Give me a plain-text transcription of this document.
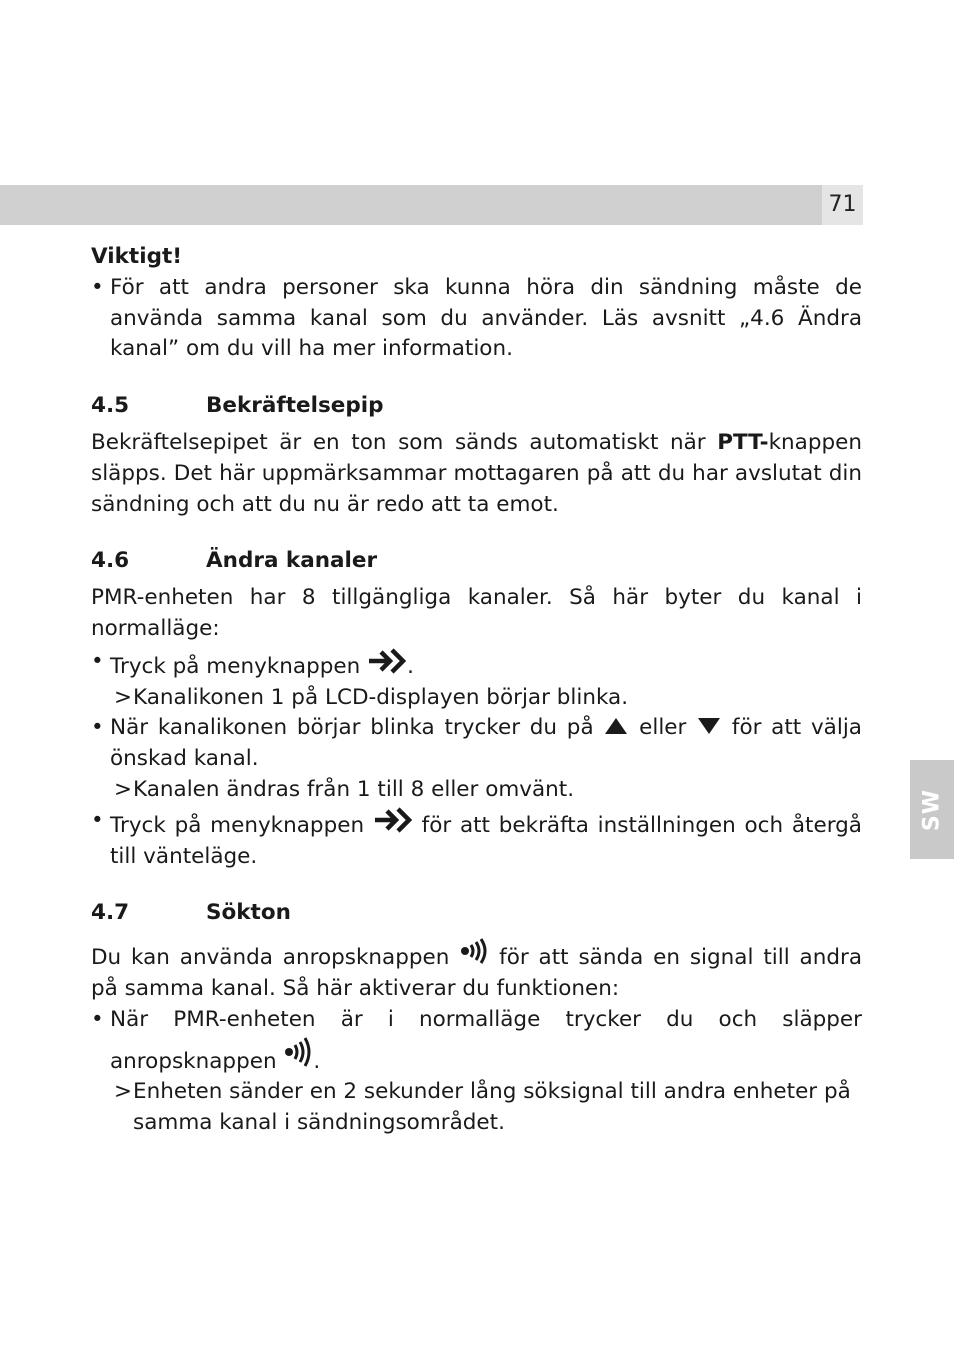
71
SW
Viktigt!
• För att andra personer ska kunna höra din sändning måste de använda samma kanal som du använder. Läs avsnitt „4.6 Ändra kanal” om du vill ha mer information.
4.5	Bekräftelsepip

Bekräftelsepipet är en ton som sänds automatiskt när PTT-knappen släpps. Det här uppmärksammar mottagaren på att du har avslutat din sändning och att du nu är redo att ta emot.

4.6	Ändra kanaler

PMR-enheten har 8 tillgängliga kanaler. Så här byter du kanal i normalläge:

• Tryck på menyknappen .
> Kanalikonen 1 på LCD-displayen börjar blinka.
• När kanalikonen börjar blinka trycker du på eller för att välja önskad kanal.
> Kanalen ändras från 1 till 8 eller omvänt.
• Tryck på menyknappen	för att bekräfta inställningen och återgå till vänteläge.
4.7	Sökton

Du kan använda anropsknappen för att sända en signal till andra på samma kanal. Så här aktiverar du funktionen:

• När PMR-enheten är i normalläge trycker du och släpper anropsknappen .
> Enheten sänder en 2 sekunder lång söksignal till andra enheter på samma kanal i sändningsområdet.
